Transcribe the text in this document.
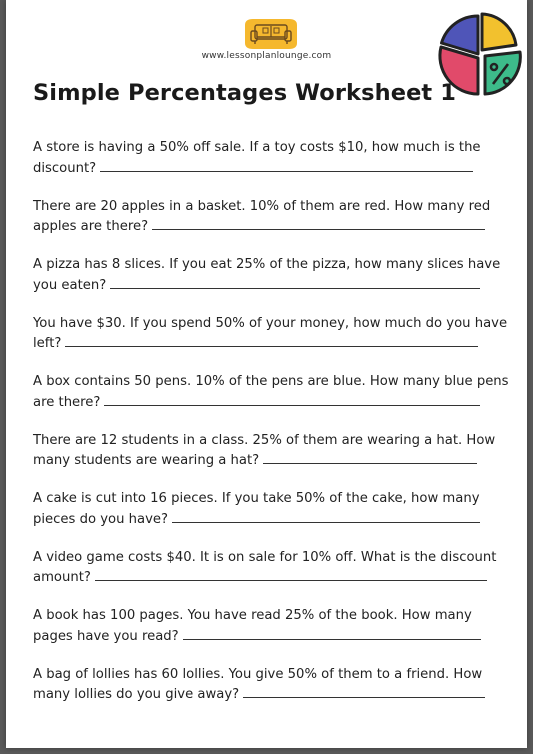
www.lessonplanlounge.com
Simple Percentages Worksheet 1
A store is having a 50% off sale. If a toy costs $10, how much is the
discount?
There are 20 apples in a basket. 10% of them are red. How many red
apples are there?
A pizza has 8 slices. If you eat 25% of the pizza, how many slices have
you eaten?
You have $30. If you spend 50% of your money, how much do you have
left?
A box contains 50 pens. 10% of the pens are blue. How many blue pens
are there?
There are 12 students in a class. 25% of them are wearing a hat. How
many students are wearing a hat?
A cake is cut into 16 pieces. If you take 50% of the cake, how many
pieces do you have?
A video game costs $40. It is on sale for 10% off. What is the discount
amount?
A book has 100 pages. You have read 25% of the book. How many
pages have you read?
A bag of lollies has 60 lollies. You give 50% of them to a friend. How
many lollies do you give away?
